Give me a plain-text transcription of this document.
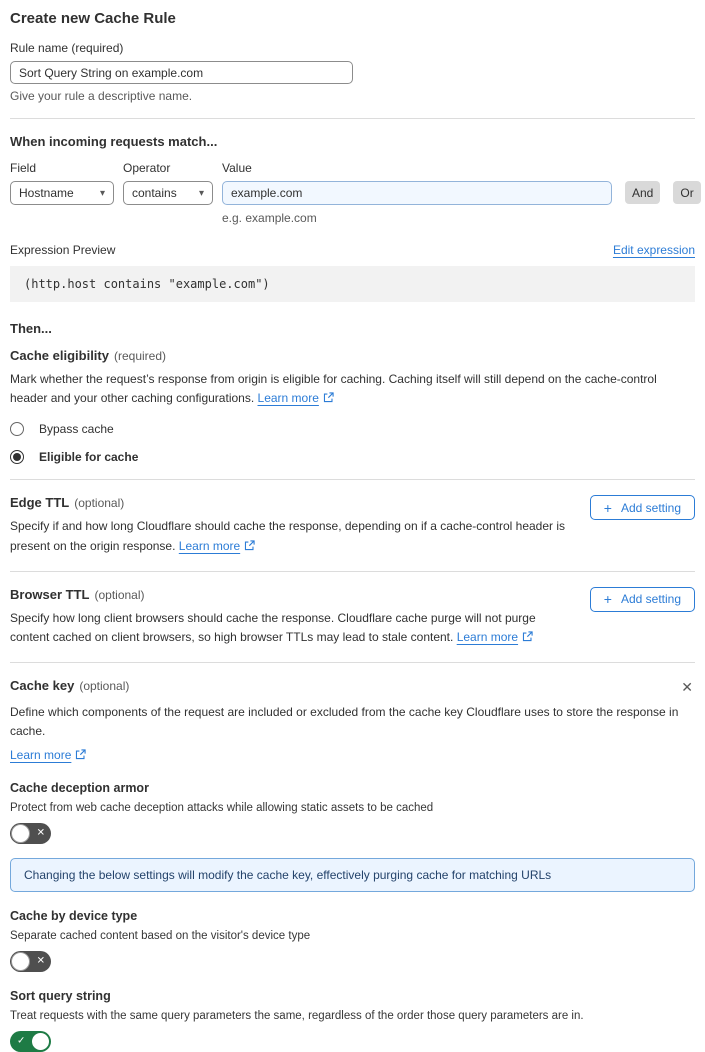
Create new Cache Rule
Rule name (required)
Sort Query String on example.com
Give your rule a descriptive name.
When incoming requests match...
Field
Hostname	▾
Operator
contains ▾
Value
example.com
And	Or
e.g. example.com
Expression Preview	Edit expression
(http.host contains "example.com")
Then...
Cache eligibility (required)
Mark whether the request’s response from origin is eligible for caching. Caching itself will still depend on the cache-control header and your other caching configurations. Learn more
Bypass cache
Eligible for cache
Edge TTL (optional)
Specify if and how long Cloudflare should cache the response, depending on if a cache-control header is present on the origin response. Learn more
+ Add setting
Browser TTL (optional)
Specify how long client browsers should cache the response. Cloudflare cache purge will not purge content cached on client browsers, so high browser TTLs may lead to stale content. Learn more
+ Add setting
Cache key (optional)	✕
Define which components of the request are included or excluded from the cache key Cloudflare uses to store the response in cache.
Learn more
Cache deception armor
Protect from web cache deception attacks while allowing static assets to be cached
✕
Changing the below settings will modify the cache key, effectively purging cache for matching URLs
Cache by device type
Separate cached content based on the visitor's device type
✕
Sort query string
Treat requests with the same query parameters the same, regardless of the order those query parameters are in.
✓
